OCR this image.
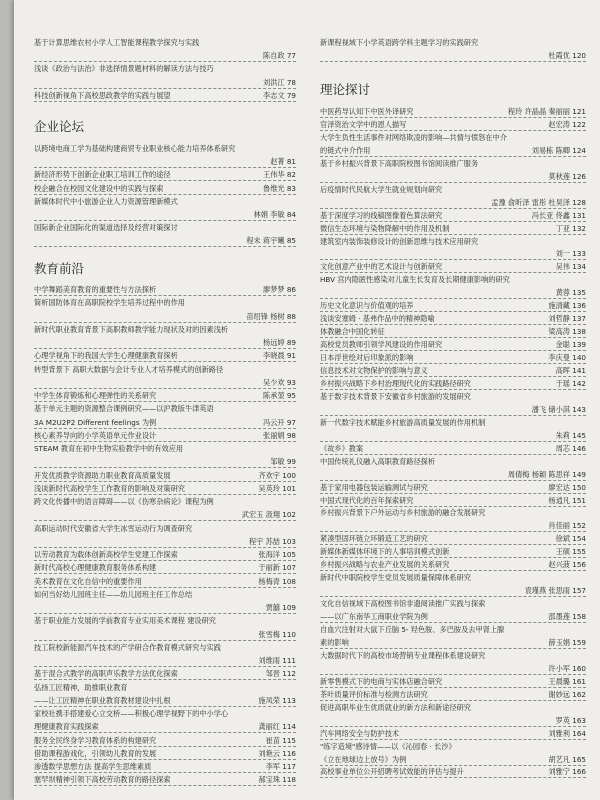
基于计算思维农村小学人工智能课程教学探究与实践
陈自政 77
浅谈《政治与法治》非选择情景题材料的解读方法与技巧
刘洪江 78
科技创新视角下高校思政教学的实践与展望	李志文 79
企业论坛
以跨境电商工学为基础构建商贸专业职业核心能力培养体系研究
赵菁 81
新经济形势下创新企业职工培训工作的途径	王伟华 82
校企融合在校园文化建设中的实践与探索	鲁维光 83
新媒体时代中小旅游企业人力资源管理新模式
林娟 李敏 84
国际新企业国际化的渠道选择及经营对策探讨
程未 蒋宇曦 85
教育前沿
中学舞蹈美育教育的重要性与方法探析	廖梦梦 86
简析国防体育在高职院校学生培养过程中的作用
苗绍锋 杨树 88
新时代职业教育背景下高职教师教学能力现状及对的因素浅析
杨远婷 89
心理学视角下的我国大学生心理健康教育探析	李晓晨 91
转型背景下 高职大数据与会计专业人才培养模式的创新路径
吴少欢 93
中学生体育锻炼和心理弹性的关系研究	陈承堃 95
基于单元主题的资源整合课例研究——以沪教版牛津英语
3A M2U2P2 Different feelings 为例	冯云开 97
核心素养导向的小学英语单元作业设计	张丽娟 98
STEAM 教育在初中生物实验教学中的有效应用
邹敏 99
开发优质教学资源助力职业教育高质量发展	齐欢宇 100
浅谈新时代高校学生工作教育的影响及对策研究	吴英玲 101
跨文化传播中的语言障碍——以《伤寒杂病论》课程为例
武宏玉 汲翔 102
高职运动时代安徽省大学生冰雪运动行为调查研究
程宇 苏喆 103
以劳动教育为载体创新高校学生党建工作探索	张海洋 105
新时代高校心理健康教育服务体系构建	于丽新 107
美术教育在文化自信中的重要作用	杨梅青 108
如何当好幼儿园班主任——幼儿园班主任工作总结
贾囍 109
基于职业能力发展的学前教育专业实用美术课程 建设研究
张雪梅 110
技工院校新能源汽车技术的产学研合作教育模式研究与实践
刘维雨 111
基于混合式教学的高职声乐教学方法优化探索	邹晋 112
弘扬工匠精神，助推职业教育
——让工匠精神在职业教育教材建设中扎根	施凤荣 113
家校社携手搭建爱心立交桥——积极心理学视野下的中小学心
理健康教育实践探索	龚丽红 114
服务全民终身学习教育体系的构建研究	崔苗 115
借助课程游戏化，引领幼儿教育的发展	刘艳云 116
渗透数学思想方法 提高学生思维素质	李军 117
塞罕坝精神引领下高校劳动教育的路径探索	郝宝珠 118
新课程视域下小学英语跨学科主题学习的实践研究
杜霞优 120
理论探讨
中医药导认知下中医外译研究	程玲 许晶晶 秦丽丽 121
官泽资治文学中的恩人描写	赵宏涛 122
大学生负性生活事件对网络欺凌的影响—共情与愤怒在中介
的链式中介作用	刘易栋 陈卿 124
基于乡村振兴背景下高职院校图书馆阅读推广服务
莫秋莲 126
后疫情时代民航大学生就业规划向研究
孟豫 俞昕泽 雷彤 杜昊泽 128
基于深度学习的线稿图像着色算法研究	冯长亚 佟鑫 131
微信生态环境与染物降解中的作用及机制	丁亚 132
建筑室内装饰装修设计的创新思维与技术应用研究
刘一 133
文化创意产业中的艺术设计与创新研究	吴伟 134
HBV 宫内隐匿性感染对儿童生长发育及长期健康影响的研究
黄蓉 135
历史文化意识与价值观的培养	施清藏 136
浅谈安塞姆 · 基弗作品中的精神隐喻	刘哲静 137
体教融合中国化转征	梁高涛 138
高校党员教师引领学风建设的作用研究	金聪 139
日本浮世绘对后印象派的影响	李庆曼 140
信息技术对文物保护的影响与意义	高晖 141
乡村振兴战略下乡村治理现代化的实践路径研究	于瑶 142
基于数字技术背景下安徽省乡村旅游的发展研究
潘飞 储小淇 143
新一代数字技术赋能乡村旅游高质量发展的作用机制
朱莉 145
《故乡》教案	周芯 146
中国传统礼仪融入高职教育路径探析
周倩梅 杨颖 陈思祥 149
基于家用电器包装运输测试与研究	廖宏达 150
中国式现代化的百年探索研究	杨逍凡 151
乡村振兴背景下户外运动与乡村旅游的融合发展研究
肖佳丽 152
紧凑型固环链立环锻造工艺的研究	徐斌 154
新媒体新媒体环境下的人事培训模式创新	王硕 155
乡村振兴战略与农业产业发展的关系研究	赵兴菠 156
新时代中职院校学生党员发展质量保障体系研究
袁瑾燕 张思雨 157
文化自信视域下高校图书馆非遗阅读推广实践与探索
——以广东南华工商职业学院为例	邵墨莲 158
自血穴注射对大鼠下丘脑 5- 羟色胺、多巴胺及去甲肾上腺
素的影响	薛玉娟 159
大数据时代下的高校市场营销专业课程体系建设研究
许小军 160
新零售模式下的电商与实体店融合研究	王晨璐 161
茶叶质量评价标准与检测方法研究	谢妙远 162
促进高职毕业生优质就业的新方法和新途径研究
罗英 163
汽车网络安全与防护技术	刘雅利 164
"练字造境"感诗情——以《沁园春 · 长沙》
《立在地球边上放号》为例	胡艺凡 165
高校事业单位公开招聘考试效能的评估与提升	刘雅宁 166
